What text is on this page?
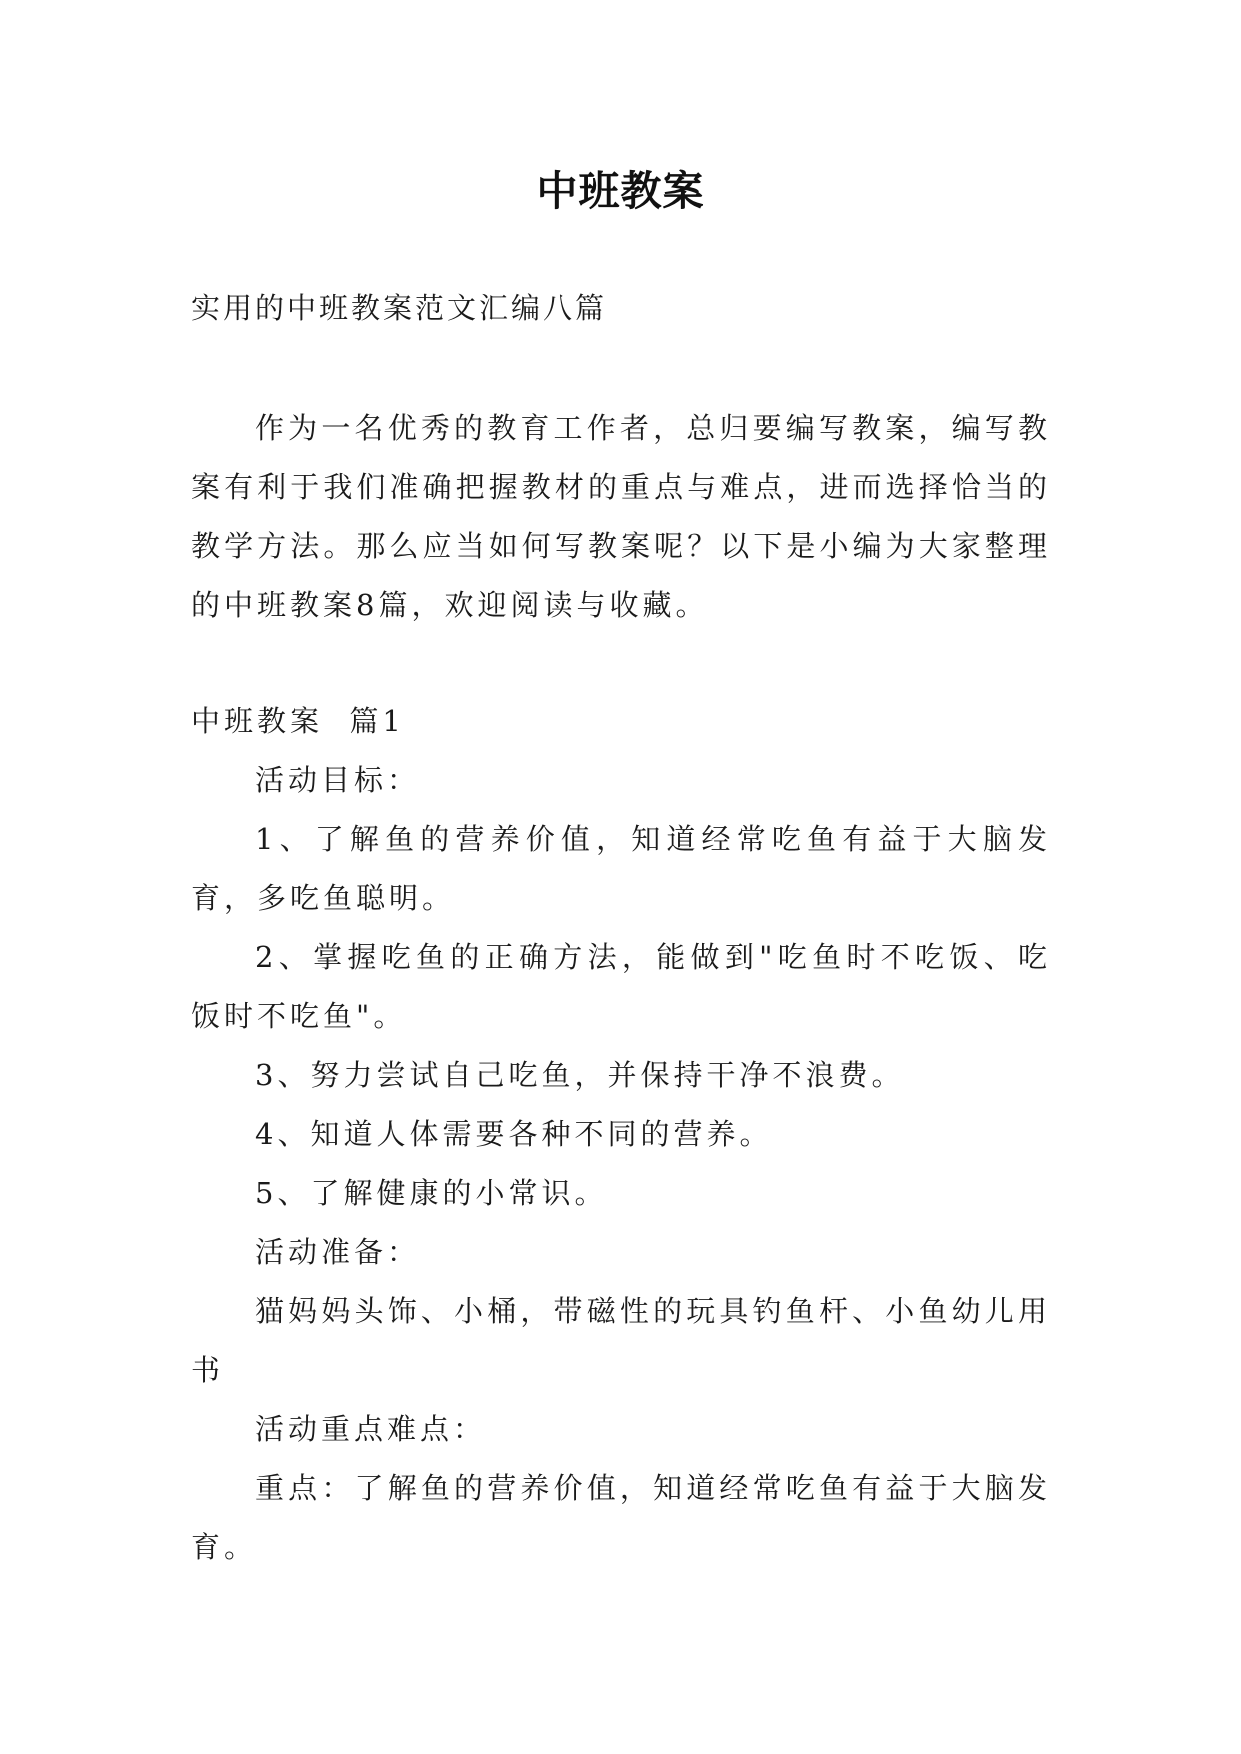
中班教案
实用的中班教案范文汇编八篇

作为一名优秀的教育工作者，总归要编写教案，编写教案有利于我们准确把握教材的重点与难点，进而选择恰当的教学方法。那么应当如何写教案呢？以下是小编为大家整理的中班教案8篇，欢迎阅读与收藏。

中班教案  篇1

活动目标：

1、了解鱼的营养价值，知道经常吃鱼有益于大脑发育，多吃鱼聪明。

2、掌握吃鱼的正确方法，能做到"吃鱼时不吃饭、吃饭时不吃鱼"。

3、努力尝试自己吃鱼，并保持干净不浪费。

4、知道人体需要各种不同的营养。

5、了解健康的小常识。

活动准备：

猫妈妈头饰、小桶，带磁性的玩具钓鱼杆、小鱼幼儿用书

活动重点难点：

重点：了解鱼的营养价值，知道经常吃鱼有益于大脑发育。
